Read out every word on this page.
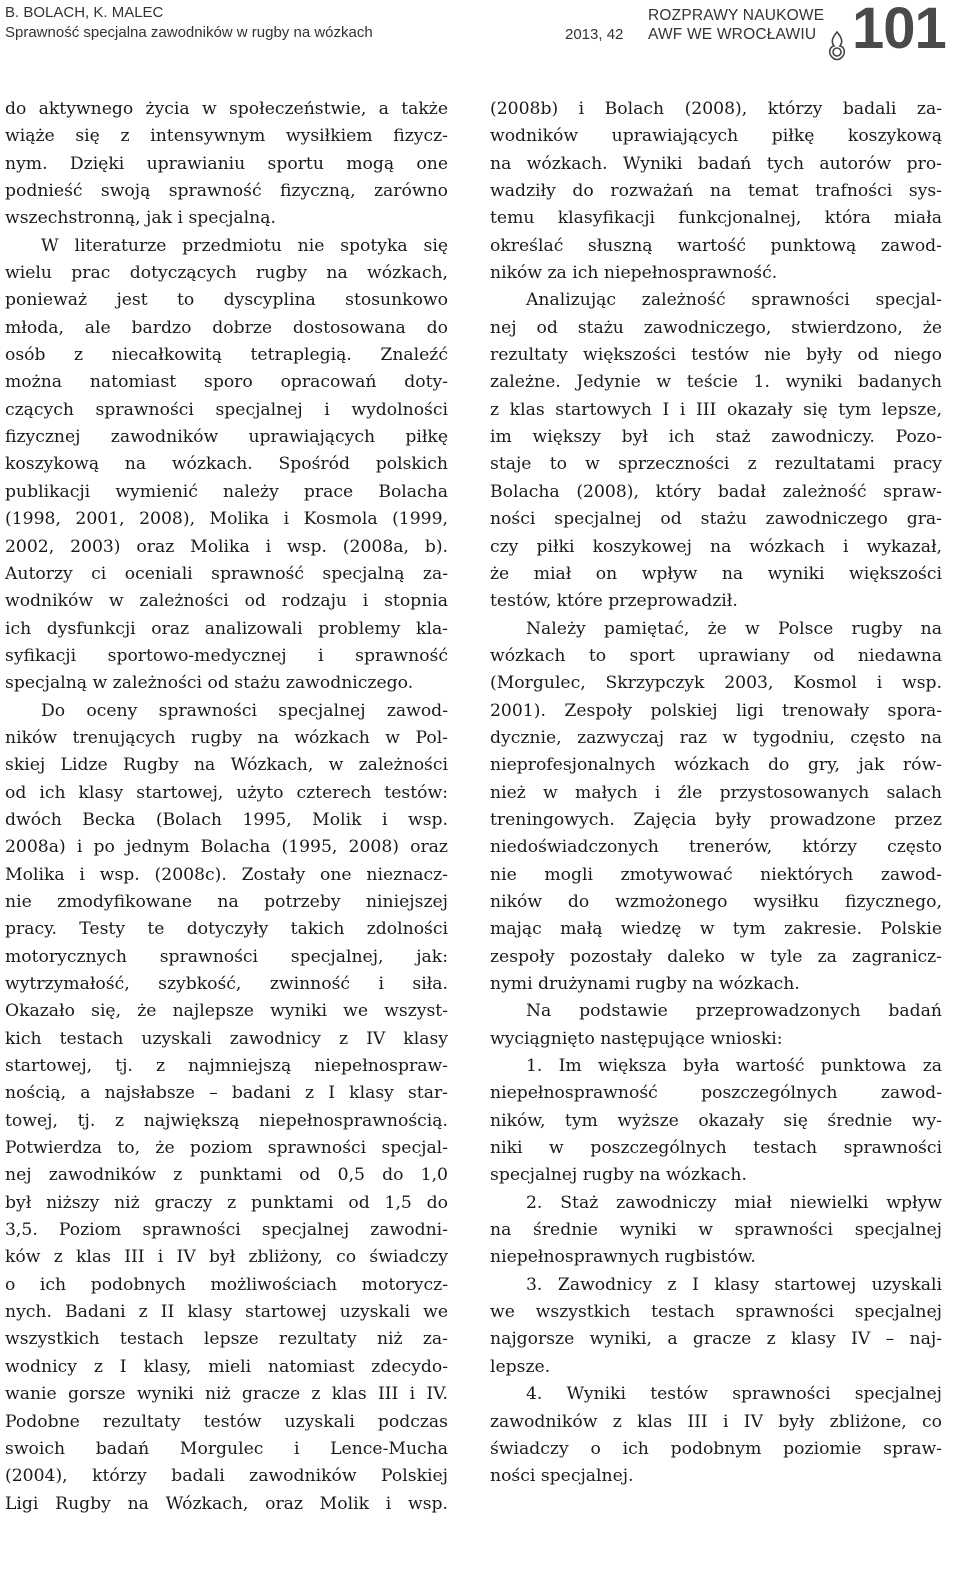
B. BOLACH, K. MALEC
Sprawność specjalna zawodników w rugby na wózkach	2013, 42
ROZPRAWY NAUKOWE
AWF WE WROCŁAWIU 101
do aktywnego życia w społeczeństwie, a także
wiąże się z intensywnym wysiłkiem fizycz-
nym. Dzięki uprawianiu sportu mogą one
podnieść swoją sprawność fizyczną, zarówno
wszechstronną, jak i specjalną.
W literaturze przedmiotu nie spotyka się
wielu prac dotyczących rugby na wózkach,
ponieważ jest to dyscyplina stosunkowo
młoda, ale bardzo dobrze dostosowana do
osób z niecałkowitą tetraplegią. Znaleźć
można natomiast sporo opracowań doty-
czących sprawności specjalnej i wydolności
fizycznej zawodników uprawiających piłkę
koszykową na wózkach. Spośród polskich
publikacji wymienić należy prace Bolacha
(1998, 2001, 2008), Molika i Kosmola (1999,
2002, 2003) oraz Molika i wsp. (2008a, b).
Autorzy ci oceniali sprawność specjalną za-
wodników w zależności od rodzaju i stopnia
ich dysfunkcji oraz analizowali problemy kla-
syfikacji sportowo-medycznej i sprawność
specjalną w zależności od stażu zawodniczego.
Do oceny sprawności specjalnej zawod-
ników trenujących rugby na wózkach w Pol-
skiej Lidze Rugby na Wózkach, w zależności
od ich klasy startowej, użyto czterech testów:
dwóch Becka (Bolach 1995, Molik i wsp.
2008a) i po jednym Bolacha (1995, 2008) oraz
Molika i wsp. (2008c). Zostały one nieznacz-
nie zmodyfikowane na potrzeby niniejszej
pracy. Testy te dotyczyły takich zdolności
motorycznych sprawności specjalnej, jak:
wytrzymałość, szybkość, zwinność i siła.
Okazało się, że najlepsze wyniki we wszyst-
kich testach uzyskali zawodnicy z IV klasy
startowej, tj. z najmniejszą niepełnospraw-
nością, a najsłabsze – badani z I klasy star-
towej, tj. z największą niepełnosprawnością.
Potwierdza to, że poziom sprawności specjal-
nej zawodników z punktami od 0,5 do 1,0
był niższy niż graczy z punktami od 1,5 do
3,5. Poziom sprawności specjalnej zawodni-
ków z klas III i IV był zbliżony, co świadczy
o ich podobnych możliwościach motorycz-
nych. Badani z II klasy startowej uzyskali we
wszystkich testach lepsze rezultaty niż za-
wodnicy z I klasy, mieli natomiast zdecydo-
wanie gorsze wyniki niż gracze z klas III i IV.
Podobne rezultaty testów uzyskali podczas
swoich badań Morgulec i Lence-Mucha
(2004), którzy badali zawodników Polskiej
Ligi Rugby na Wózkach, oraz Molik i wsp.
(2008b) i Bolach (2008), którzy badali za-
wodników uprawiających piłkę koszykową
na wózkach. Wyniki badań tych autorów pro-
wadziły do rozważań na temat trafności sys-
temu klasyfikacji funkcjonalnej, która miała
określać słuszną wartość punktową zawod-
ników za ich niepełnosprawność.
Analizując zależność sprawności specjal-
nej od stażu zawodniczego, stwierdzono, że
rezultaty większości testów nie były od niego
zależne. Jedynie w teście 1. wyniki badanych
z klas startowych I i III okazały się tym lepsze,
im większy był ich staż zawodniczy. Pozo-
staje to w sprzeczności z rezultatami pracy
Bolacha (2008), który badał zależność spraw-
ności specjalnej od stażu zawodniczego gra-
czy piłki koszykowej na wózkach i wykazał,
że miał on wpływ na wyniki większości
testów, które przeprowadził.
Należy pamiętać, że w Polsce rugby na
wózkach to sport uprawiany od niedawna
(Morgulec, Skrzypczyk 2003, Kosmol i wsp.
2001). Zespoły polskiej ligi trenowały spora-
dycznie, zazwyczaj raz w tygodniu, często na
nieprofesjonalnych wózkach do gry, jak rów-
nież w małych i źle przystosowanych salach
treningowych. Zajęcia były prowadzone przez
niedoświadczonych trenerów, którzy często
nie mogli zmotywować niektórych zawod-
ników do wzmożonego wysiłku fizycznego,
mając małą wiedzę w tym zakresie. Polskie
zespoły pozostały daleko w tyle za zagranicz-
nymi drużynami rugby na wózkach.
Na podstawie przeprowadzonych badań
wyciągnięto następujące wnioski:
1. Im większa była wartość punktowa za
niepełnosprawność poszczególnych zawod-
ników, tym wyższe okazały się średnie wy-
niki w poszczególnych testach sprawności
specjalnej rugby na wózkach.
2. Staż zawodniczy miał niewielki wpływ
na średnie wyniki w sprawności specjalnej
niepełnosprawnych rugbistów.
3. Zawodnicy z I klasy startowej uzyskali
we wszystkich testach sprawności specjalnej
najgorsze wyniki, a gracze z klasy IV – naj-
lepsze.
4. Wyniki testów sprawności specjalnej
zawodników z klas III i IV były zbliżone, co
świadczy o ich podobnym poziomie spraw-
ności specjalnej.
